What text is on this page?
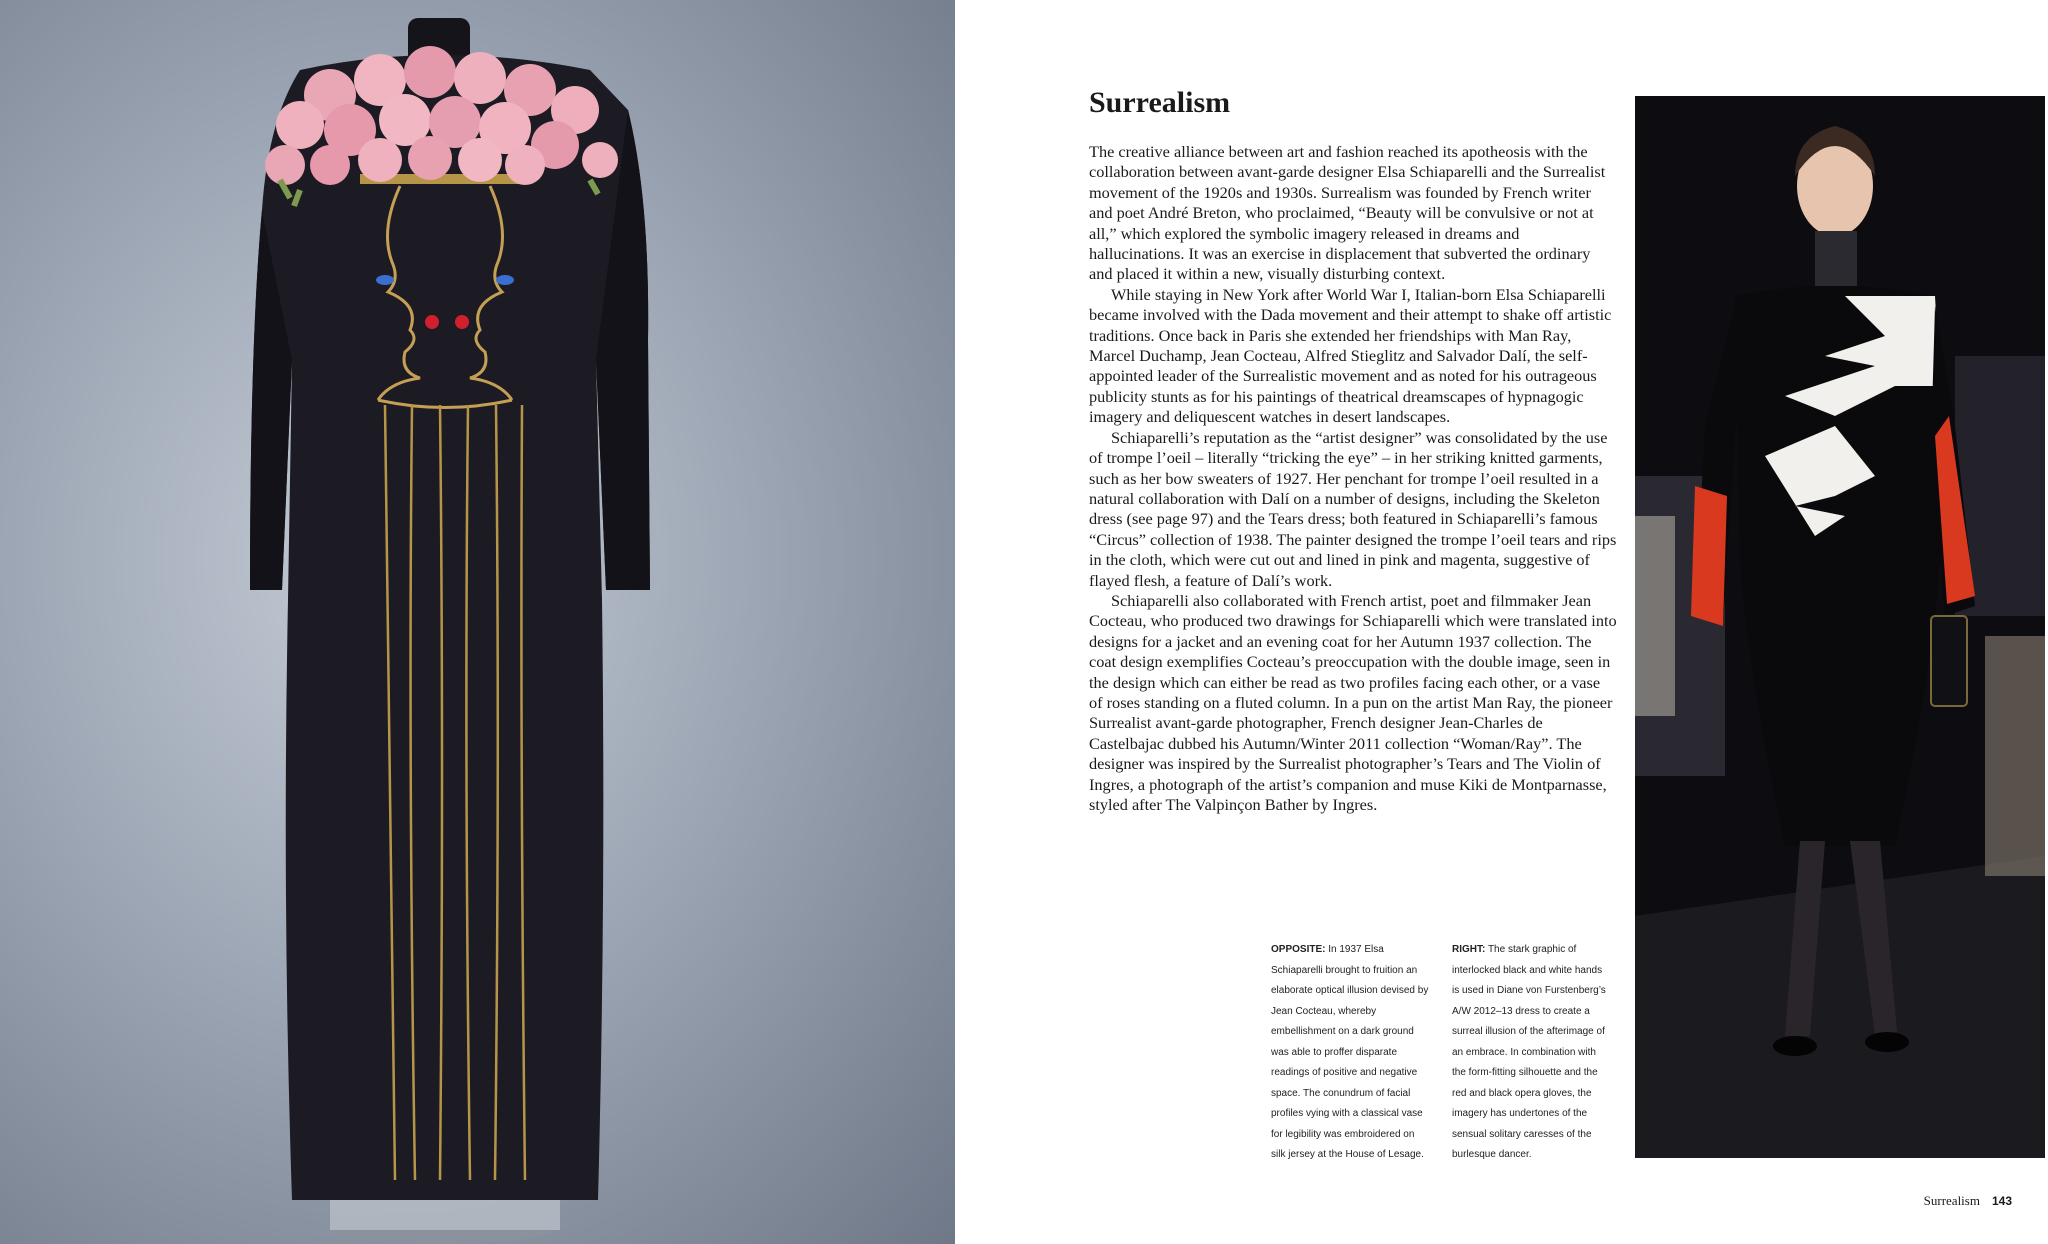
Surrealism

The creative alliance between art and fashion reached its apotheosis with the collaboration between avant-garde designer Elsa Schiaparelli and the Surrealist movement of the 1920s and 1930s. Surrealism was founded by French writer and poet André Breton, who proclaimed, “Beauty will be convulsive or not at all,” which explored the symbolic imagery released in dreams and hallucinations. It was an exercise in displacement that subverted the ordinary and placed it within a new, visually disturbing context.

While staying in New York after World War I, Italian-born Elsa Schiaparelli became involved with the Dada movement and their attempt to shake off artistic traditions. Once back in Paris she extended her friendships with Man Ray, Marcel Duchamp, Jean Cocteau, Alfred Stieglitz and Salvador Dalí, the self-appointed leader of the Surrealistic movement and as noted for his outrageous publicity stunts as for his paintings of theatrical dreamscapes of hypnagogic imagery and deliquescent watches in desert landscapes.

Schiaparelli’s reputation as the “artist designer” was consolidated by the use of trompe l’oeil – literally “tricking the eye” – in her striking knitted garments, such as her bow sweaters of 1927. Her penchant for trompe l’oeil resulted in a natural collaboration with Dalí on a number of designs, including the Skeleton dress (see page 97) and the Tears dress; both featured in Schiaparelli’s famous “Circus” collection of 1938. The painter designed the trompe l’oeil tears and rips in the cloth, which were cut out and lined in pink and magenta, suggestive of flayed flesh, a feature of Dalí’s work.

Schiaparelli also collaborated with French artist, poet and filmmaker Jean Cocteau, who produced two drawings for Schiaparelli which were translated into designs for a jacket and an evening coat for her Autumn 1937 collection. The coat design exemplifies Cocteau’s preoccupation with the double image, seen in the design which can either be read as two profiles facing each other, or a vase of roses standing on a fluted column. In a pun on the artist Man Ray, the pioneer Surrealist avant-garde photographer, French designer Jean-Charles de Castelbajac dubbed his Autumn/Winter 2011 collection “Woman/Ray”. The designer was inspired by the Surrealist photographer’s Tears and The Violin of Ingres, a photograph of the artist’s companion and muse Kiki de Montparnasse, styled after The Valpinçon Bather by Ingres.

OPPOSITE: In 1937 Elsa Schiaparelli brought to fruition an elaborate optical illusion devised by Jean Cocteau, whereby embellishment on a dark ground was able to proffer disparate readings of positive and negative space. The conundrum of facial profiles vying with a classical vase for legibility was embroidered on silk jersey at the House of Lesage.
RIGHT: The stark graphic of interlocked black and white hands is used in Diane von Furstenberg’s A/W 2012–13 dress to create a surreal illusion of the afterimage of an embrace. In combination with the form-fitting silhouette and the red and black opera gloves, the imagery has undertones of the sensual solitary caresses of the burlesque dancer.
Surrealism 143
